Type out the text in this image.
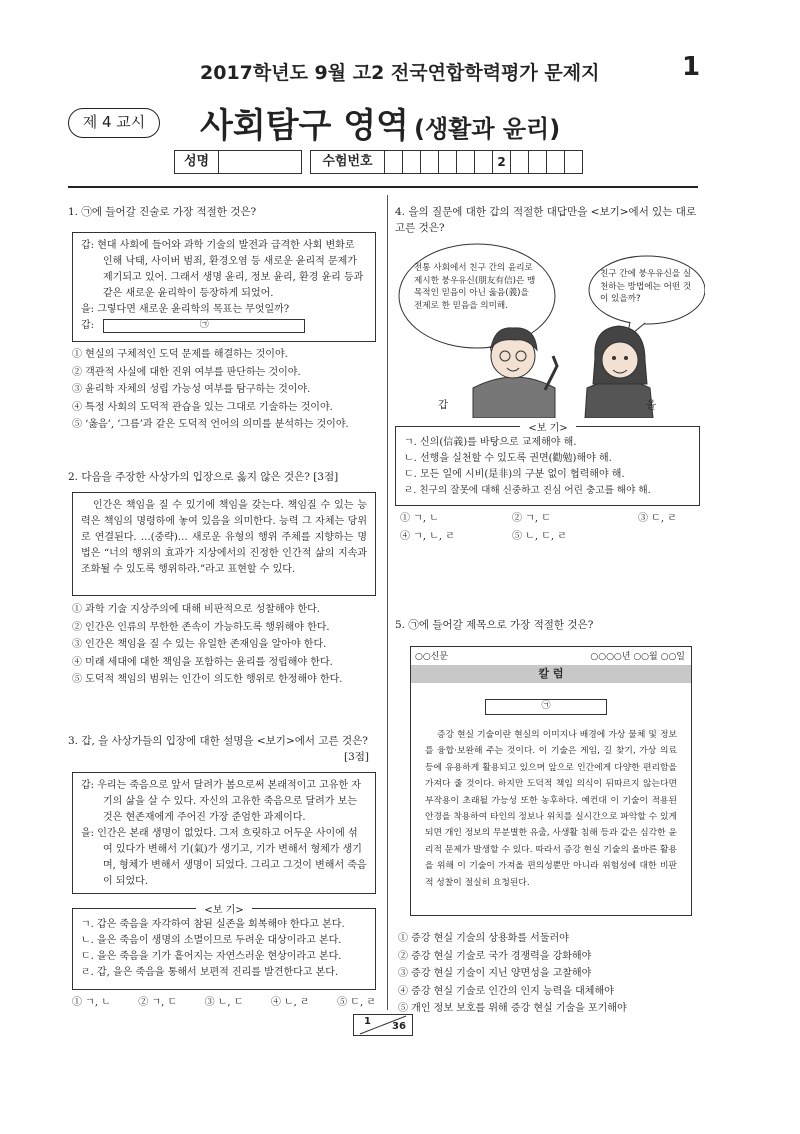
2017학년도 9월 고2 전국연합학력평가 문제지	1
제 4 교시	사회탐구 영역 (생활과 윤리)
성명	수험번호	2
1. ㉠에 들어갈 진술로 가장 적절한 것은?
갑: 현대 사회에 들어와 과학 기술의 발전과 급격한 사회 변화로 인해 낙태, 사이버 범죄, 환경오염 등 새로운 윤리적 문제가 제기되고 있어. 그래서 생명 윤리, 정보 윤리, 환경 윤리 등과 같은 새로운 윤리학이 등장하게 되었어.
을: 그렇다면 새로운 윤리학의 목표는 무엇일까?
갑:	㉠
① 현실의 구체적인 도덕 문제를 해결하는 것이야.
② 객관적 사실에 대한 진위 여부를 판단하는 것이야.
③ 윤리학 자체의 성립 가능성 여부를 탐구하는 것이야.
④ 특정 사회의 도덕적 관습을 있는 그대로 기술하는 것이야.
⑤ ‘옳음’, ‘그름’과 같은 도덕적 언어의 의미를 분석하는 것이야.
2. 다음을 주장한 사상가의 입장으로 옳지 않은 것은? [3점]
인간은 책임을 질 수 있기에 책임을 갖는다. 책임질 수 있는 능력은 책임의 명령하에 놓여 있음을 의미한다. 능력 그 자체는 당위로 연결된다. …(중략)… 새로운 유형의 행위 주체를 지향하는 명법은 “너의 행위의 효과가 지상에서의 진정한 인간적 삶의 지속과 조화될 수 있도록 행위하라.”라고 표현할 수 있다.
① 과학 기술 지상주의에 대해 비판적으로 성찰해야 한다.
② 인간은 인류의 무한한 존속이 가능하도록 행위해야 한다.
③ 인간은 책임을 질 수 있는 유일한 존재임을 알아야 한다.
④ 미래 세대에 대한 책임을 포함하는 윤리를 정립해야 한다.
⑤ 도덕적 책임의 범위는 인간이 의도한 행위로 한정해야 한다.
3. 갑, 을 사상가들의 입장에 대한 설명을 <보기>에서 고른 것은?
[3점]
갑: 우리는 죽음으로 앞서 달려가 봄으로써 본래적이고 고유한 자기의 삶을 살 수 있다. 자신의 고유한 죽음으로 달려가 보는 것은 현존재에게 주어진 가장 준엄한 과제이다.
을: 인간은 본래 생명이 없었다. 그저 흐릿하고 어두운 사이에 섞여 있다가 변해서 기(氣)가 생기고, 기가 변해서 형체가 생기며, 형체가 변해서 생명이 되었다. 그리고 그것이 변해서 죽음이 되었다.
ㄱ. 갑은 죽음을 자각하여 참된 실존을 회복해야 한다고 본다.
ㄴ. 을은 죽음이 생명의 소멸이므로 두려운 대상이라고 본다.
ㄷ. 을은 죽음을 기가 흩어지는 자연스러운 현상이라고 본다.
ㄹ. 갑, 을은 죽음을 통해서 보편적 진리를 발견한다고 본다.
<보 기>
① ㄱ, ㄴ	② ㄱ, ㄷ	③ ㄴ, ㄷ	④ ㄴ, ㄹ	⑤ ㄷ, ㄹ
4. 을의 질문에 대한 갑의 적절한 대답만을 <보기>에서 있는 대로 고른 것은?
전통 사회에서 친구 간의 윤리로 제시한 붕우유신(朋友有信)은 맹목적인 믿음이 아닌 옳음(義)을 전제로 한 믿음을 의미해.
친구 간에 붕우유신을 실천하는 방법에는 어떤 것이 있을까?
갑	을
ㄱ. 신의(信義)를 바탕으로 교제해야 해.
ㄴ. 선행을 실천할 수 있도록 권면(勸勉)해야 해.
ㄷ. 모든 일에 시비(是非)의 구분 없이 협력해야 해.
ㄹ. 친구의 잘못에 대해 신중하고 진심 어린 충고를 해야 해.
<보 기>
① ㄱ, ㄴ	② ㄱ, ㄷ	③ ㄷ, ㄹ
④ ㄱ, ㄴ, ㄹ	⑤ ㄴ, ㄷ, ㄹ
5. ㉠에 들어갈 제목으로 가장 적절한 것은?
○○신문	○○○○년 ○○월 ○○일
칼 럼
㉠
증강 현실 기술이란 현실의 이미지나 배경에 가상 물체 및 정보를 융합·보완해 주는 것이다. 이 기술은 게임, 길 찾기, 가상 의료 등에 유용하게 활용되고 있으며 앞으로 인간에게 다양한 편리함을 가져다 줄 것이다. 하지만 도덕적 책임 의식이 뒤따르지 않는다면 부작용이 초래될 가능성 또한 농후하다. 예컨대 이 기술이 적용된 안경을 착용하여 타인의 정보나 위치를 실시간으로 파악할 수 있게 되면 개인 정보의 무분별한 유출, 사생활 침해 등과 같은 심각한 윤리적 문제가 발생할 수 있다. 따라서 증강 현실 기술의 올바른 활용을 위해 이 기술이 가져올 편의성뿐만 아니라 위험성에 대한 비판적 성찰이 절실히 요청된다.
① 증강 현실 기술의 상용화를 서둘러야
② 증강 현실 기술로 국가 경쟁력을 강화해야
③ 증강 현실 기술이 지닌 양면성을 고찰해야
④ 증강 현실 기술로 인간의 인지 능력을 대체해야
⑤ 개인 정보 보호를 위해 증강 현실 기술을 포기해야
1 36
